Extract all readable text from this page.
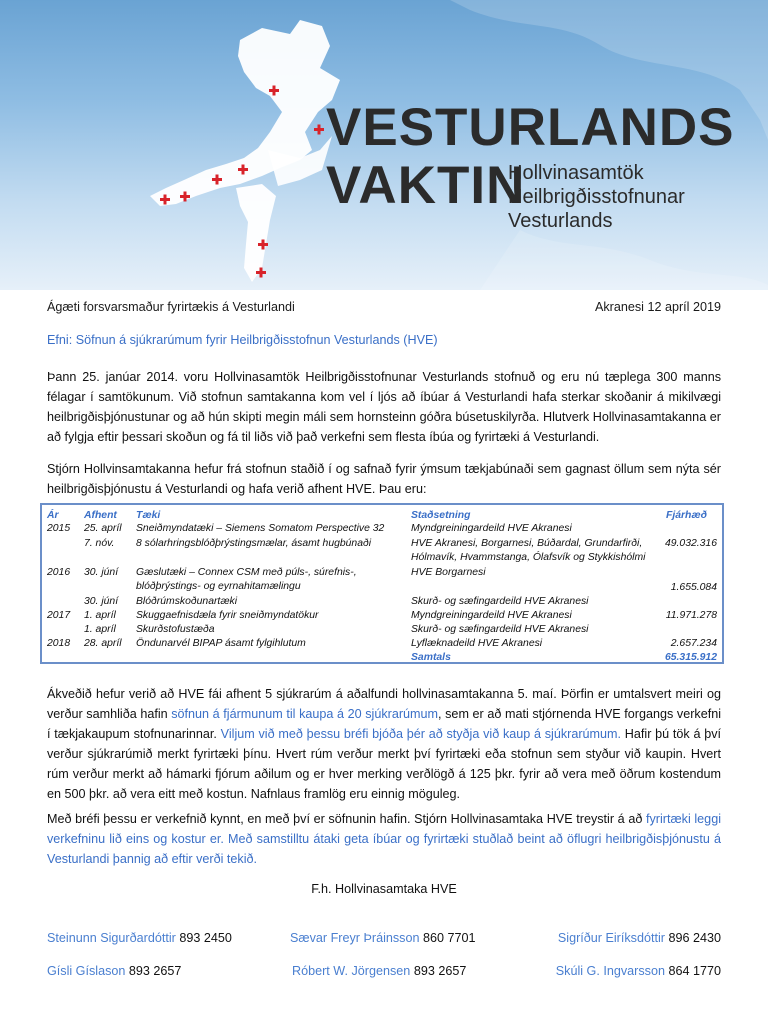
VESTURLANDS
VAKTIN
Hollvinasamtök
Heilbrigðisstofnunar
Vesturlands
Ágæti forsvarsmaður fyrirtækis á Vesturlandi	Akranesi 12 apríl 2019
Efni: Söfnun á sjúkrarúmum fyrir Heilbrigðisstofnun Vesturlands (HVE)
Þann 25. janúar 2014. voru Hollvinasamtök Heilbrigðisstofnunar Vesturlands stofnuð og eru nú tæplega 300 manns félagar í samtökunum. Við stofnun samtakanna kom vel í ljós að íbúar á Vesturlandi hafa sterkar skoðanir á mikilvægi heilbrigðisþjónustunar og að hún skipti megin máli sem hornsteinn góðra búsetuskilyrða. Hlutverk Hollvinasamtakanna er að fylgja eftir þessari skoðun og fá til liðs við það verkefni sem flesta íbúa og fyrirtæki á Vesturlandi.
Stjórn Hollvinsamtakanna hefur frá stofnun staðið í og safnað fyrir ýmsum tækjabúnaði sem gagnast öllum sem nýta sér heilbrigðisþjónustu á Vesturlandi og hafa verið afhent HVE. Þau eru:
Ár Afhent Tæki	Staðsetning	Fjárhæð
2015 25. apríl Sneiðmyndatæki – Siemens Somatom Perspective 32	Myndgreiningardeild HVE Akranesi
7. nóv. 8 sólarhringsblóðþrýstingsmælar, ásamt hugbúnaði	HVE Akranesi, Borgarnesi, Búðardal, Grundarfirði,	49.032.316
Hólmavík, Hvammstanga, Ólafsvík og Stykkishólmi
2016 30. júní Gæslutæki – Connex CSM með púls-, súrefnis-,	HVE Borgarnesi
blóðþrýstings- og eyrnahitamælingu	1.655.084
30. júní Blóðrúmskoðunartæki	Skurð- og sæfingardeild HVE Akranesi
2017 1. apríl Skuggaefnisdæla fyrir sneiðmyndatökur	Myndgreiningardeild HVE Akranesi	11.971.278
1. apríl Skurðstofustæða	Skurð- og sæfingardeild HVE Akranesi
2018 28. apríl Öndunarvél BIPAP ásamt fylgihlutum	Lyflæknadeild HVE Akranesi	2.657.234
Samtals	65.315.912
Ákveðið hefur verið að HVE fái afhent 5 sjúkrarúm á aðalfundi hollvinasamtakanna 5. maí. Þörfin er umtalsvert meiri og verður samhliða hafin söfnun á fjármunum til kaupa á 20 sjúkrarúmum, sem er að mati stjórnenda HVE forgangs verkefni í tækjakaupum stofnunarinnar. Viljum við með þessu bréfi bjóða þér að styðja við kaup á sjúkrarúmum. Hafir þú tök á því verður sjúkrarúmið merkt fyrirtæki þínu. Hvert rúm verður merkt því fyrirtæki eða stofnun sem styður við kaupin. Hvert rúm verður merkt að hámarki fjórum aðilum og er hver merking verðlögð á 125 þkr. fyrir að vera með öðrum kostendum en 500 þkr. að vera eitt með kostun. Nafnlaus framlög eru einnig möguleg.
Með bréfi þessu er verkefnið kynnt, en með því er söfnunin hafin. Stjórn Hollvinasamtaka HVE treystir á að fyrirtæki leggi verkefninu lið eins og kostur er. Með samstilltu átaki geta íbúar og fyrirtæki stuðlað beint að öflugri heilbrigðisþjónustu á Vesturlandi þannig að eftir verði tekið.
F.h. Hollvinasamtaka HVE
Steinunn Sigurðardóttir 893 2450	Sævar Freyr Þráinsson 860 7701	Sigríður Eiríksdóttir 896 2430
Gísli Gíslason 893 2657	Róbert W. Jörgensen 893 2657	Skúli G. Ingvarsson 864 1770
